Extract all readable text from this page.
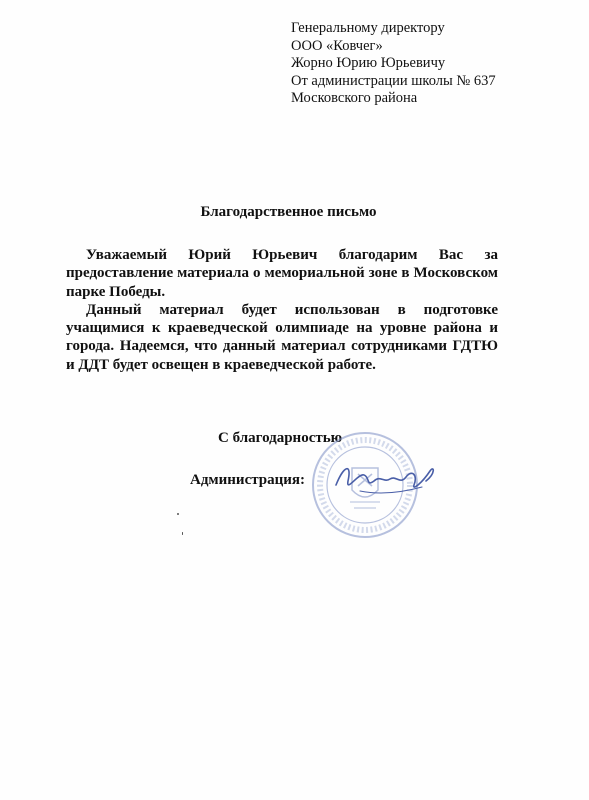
Генеральному директору
ООО «Ковчег»
Жорно Юрию Юрьевичу
От администрации школы № 637
Московского района
Благодарственное письмо

Уважаемый Юрий Юрьевич благодарим Вас за предоставление материала о мемориальной зоне в Московском парке Победы.

Данный материал будет использован в подготовке учащимися к краеведческой олимпиаде на уровне района и города. Надеемся, что данный материал сотрудниками ГДТЮ и ДДТ будет освещен в краеведческой работе.

С благодарностью
Администрация:
